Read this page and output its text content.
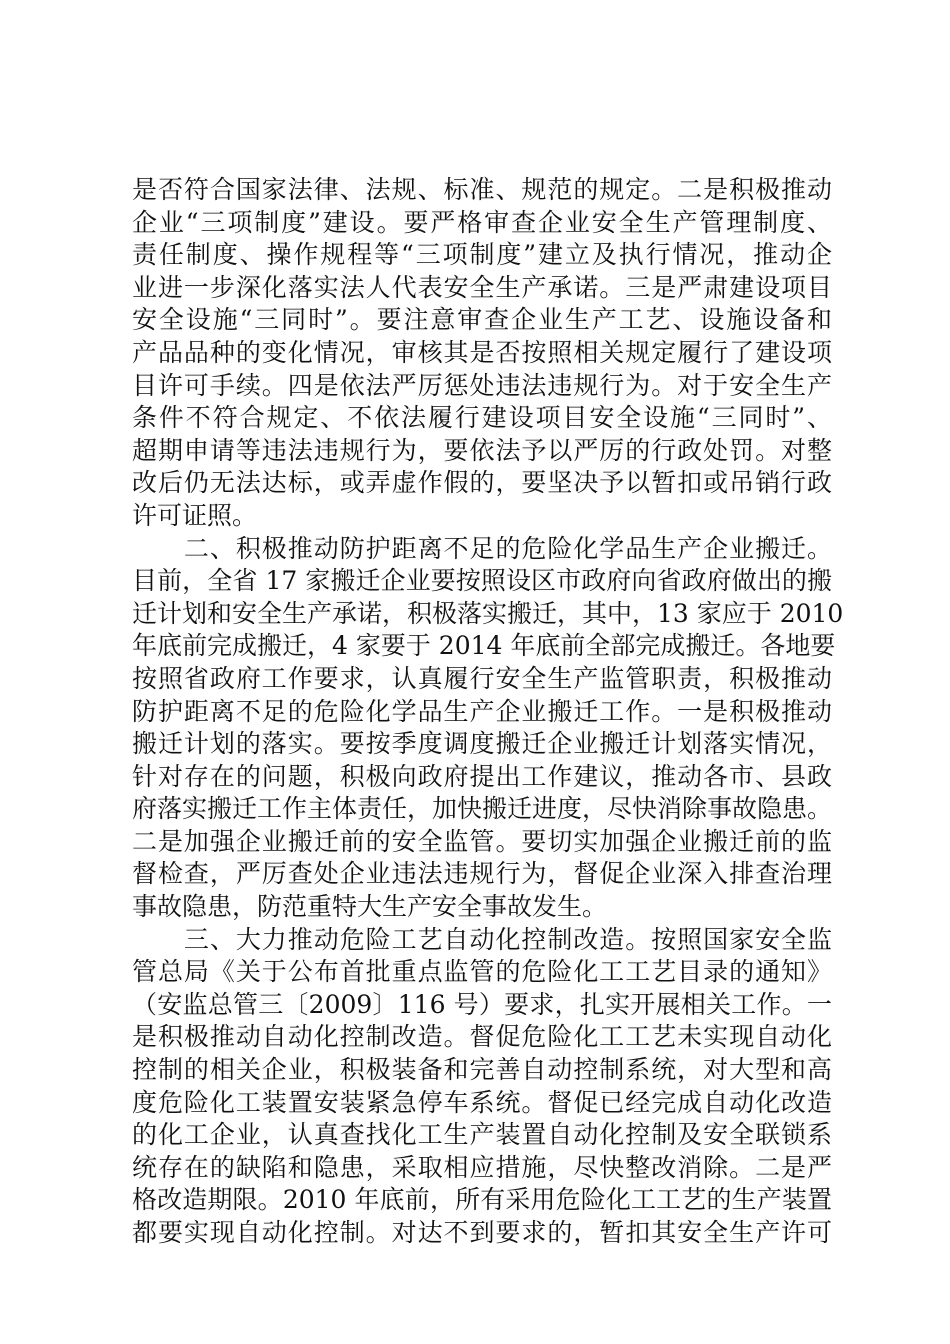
是否符合国家法律、法规、标准、规范的规定。二是积极推动
企业“三项制度”建设。要严格审查企业安全生产管理制度、
责任制度、操作规程等“三项制度”建立及执行情况，推动企
业进一步深化落实法人代表安全生产承诺。三是严肃建设项目
安全设施“三同时”。要注意审查企业生产工艺、设施设备和
产品品种的变化情况，审核其是否按照相关规定履行了建设项
目许可手续。四是依法严厉惩处违法违规行为。对于安全生产
条件不符合规定、不依法履行建设项目安全设施“三同时”、
超期申请等违法违规行为，要依法予以严厉的行政处罚。对整
改后仍无法达标，或弄虚作假的，要坚决予以暂扣或吊销行政
许可证照。
　　二、积极推动防护距离不足的危险化学品生产企业搬迁。
目前，全省 17 家搬迁企业要按照设区市政府向省政府做出的搬
迁计划和安全生产承诺，积极落实搬迁，其中，13 家应于 2010
年底前完成搬迁，4 家要于 2014 年底前全部完成搬迁。各地要
按照省政府工作要求，认真履行安全生产监管职责，积极推动
防护距离不足的危险化学品生产企业搬迁工作。一是积极推动
搬迁计划的落实。要按季度调度搬迁企业搬迁计划落实情况，
针对存在的问题，积极向政府提出工作建议，推动各市、县政
府落实搬迁工作主体责任，加快搬迁进度，尽快消除事故隐患。
二是加强企业搬迁前的安全监管。要切实加强企业搬迁前的监
督检查，严厉查处企业违法违规行为，督促企业深入排查治理
事故隐患，防范重特大生产安全事故发生。
　　三、大力推动危险工艺自动化控制改造。按照国家安全监
管总局《关于公布首批重点监管的危险化工工艺目录的通知》
（安监总管三〔2009〕116 号）要求，扎实开展相关工作。一
是积极推动自动化控制改造。督促危险化工工艺未实现自动化
控制的相关企业，积极装备和完善自动控制系统，对大型和高
度危险化工装置安装紧急停车系统。督促已经完成自动化改造
的化工企业，认真查找化工生产装置自动化控制及安全联锁系
统存在的缺陷和隐患，采取相应措施，尽快整改消除。二是严
格改造期限。2010 年底前，所有采用危险化工工艺的生产装置
都要实现自动化控制。对达不到要求的，暂扣其安全生产许可
